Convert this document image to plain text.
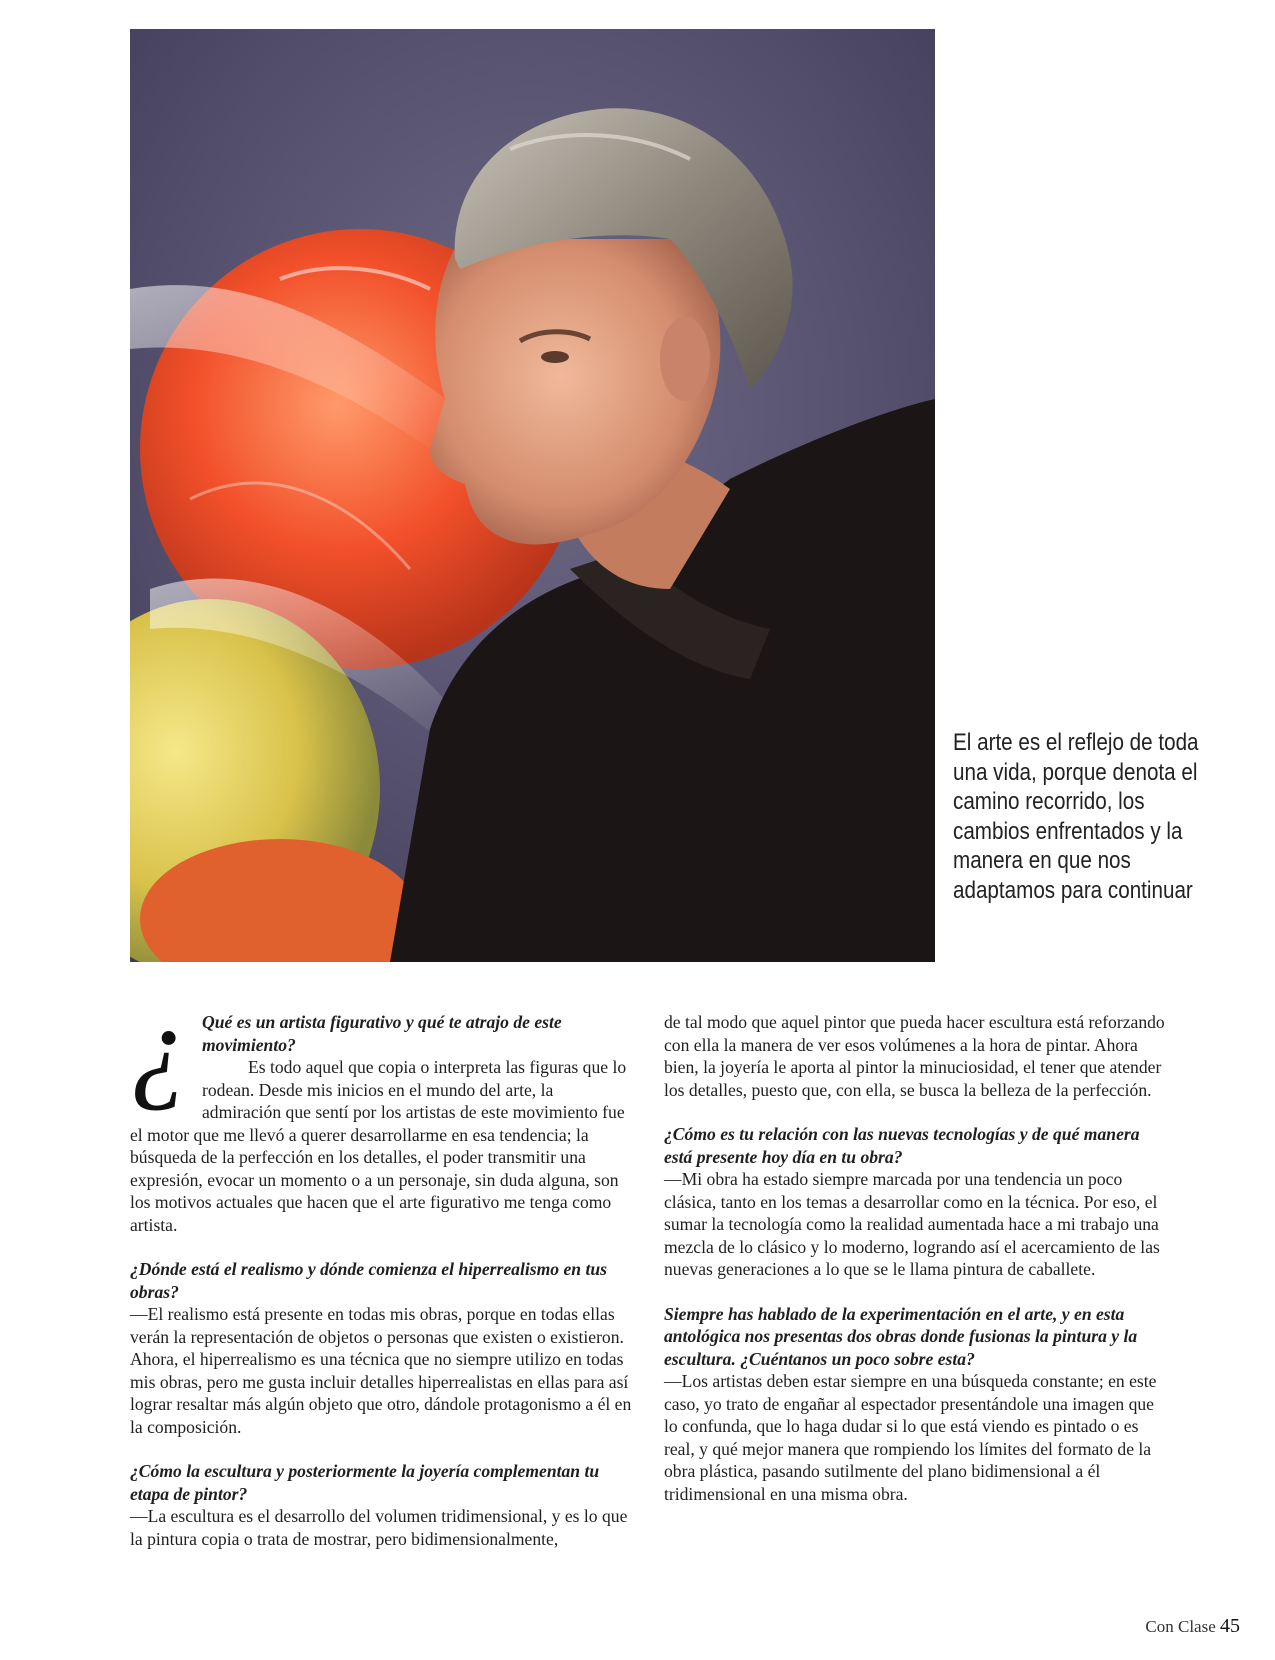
El arte es el reflejo de toda una vida, porque denota el camino recorrido, los cambios enfrentados y la manera en que nos adaptamos para continuar

¿ Qué es un artista figurativo y qué te atrajo de este movimiento?
Es todo aquel que copia o interpreta las figuras que lo rodean. Desde mis inicios en el mundo del arte, la admiración que sentí por los artistas de este movimiento fue el motor que me llevó a querer desarrollarme en esa tendencia; la búsqueda de la perfección en los detalles, el poder transmitir una expresión, evocar un momento o a un personaje, sin duda alguna, son los motivos actuales que hacen que el arte figurativo me tenga como artista.

¿Dónde está el realismo y dónde comienza el hiperrealismo en tus obras?

—El realismo está presente en todas mis obras, porque en todas ellas verán la representación de objetos o personas que existen o existieron. Ahora, el hiperrealismo es una técnica que no siempre utilizo en todas mis obras, pero me gusta incluir detalles hiperrealistas en ellas para así lograr resaltar más algún objeto que otro, dándole protagonismo a él en la composición.

¿Cómo la escultura y posteriormente la joyería complementan tu etapa de pintor?

—La escultura es el desarrollo del volumen tridimensional, y es lo que la pintura copia o trata de mostrar, pero bidimensionalmente,

de tal modo que aquel pintor que pueda hacer escultura está reforzando con ella la manera de ver esos volúmenes a la hora de pintar. Ahora bien, la joyería le aporta al pintor la minuciosidad, el tener que atender los detalles, puesto que, con ella, se busca la belleza de la perfección.

¿Cómo es tu relación con las nuevas tecnologías y de qué manera está presente hoy día en tu obra?

—Mi obra ha estado siempre marcada por una tendencia un poco clásica, tanto en los temas a desarrollar como en la técnica. Por eso, el sumar la tecnología como la realidad aumentada hace a mi trabajo una mezcla de lo clásico y lo moderno, logrando así el acercamiento de las nuevas generaciones a lo que se le llama pintura de caballete.

Siempre has hablado de la experimentación en el arte, y en esta antológica nos presentas dos obras donde fusionas la pintura y la escultura. ¿Cuéntanos un poco sobre esta?

—Los artistas deben estar siempre en una búsqueda constante; en este caso, yo trato de engañar al espectador presentándole una imagen que lo confunda, que lo haga dudar si lo que está viendo es pintado o es real, y qué mejor manera que rompiendo los límites del formato de la obra plástica, pasando sutilmente del plano bidimensional a él tridimensional en una misma obra.

Con Clase 45
